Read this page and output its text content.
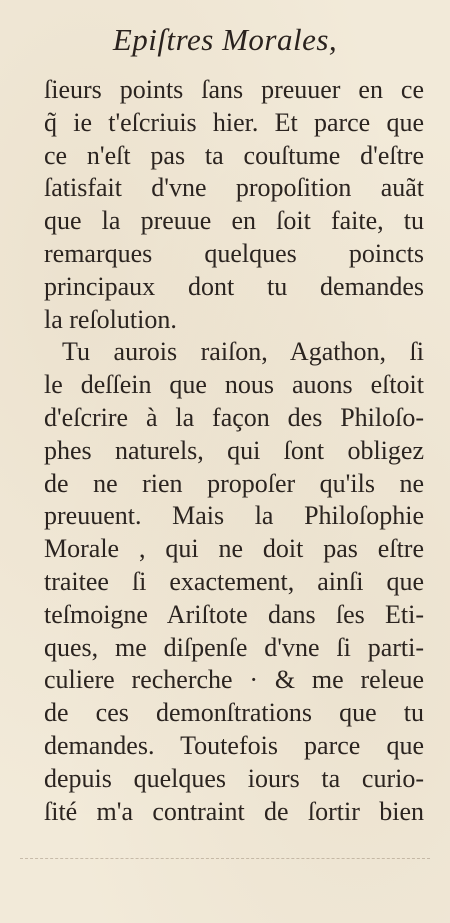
Epiſtres Morales,
ſieurs points ſans preuuer en ce
q̃ ie t'eſcriuis hier. Et parce que
ce n'eſt pas ta couſtume d'eſtre
ſatisfait d'vne propoſition auãt
que la preuue en ſoit faite, tu
remarques quelques poincts
principaux dont tu demandes
la reſolution.
Tu aurois raiſon, Agathon, ſi
le deſſein que nous auons eſtoit
d'eſcrire à la façon des Philoſo-
phes naturels, qui ſont obligez
de ne rien propoſer qu'ils ne
preuuent. Mais la Philoſophie
Morale , qui ne doit pas eſtre
traitee ſi exactement, ainſi que
teſmoigne Ariſtote dans ſes Eti-
ques, me diſpenſe d'vne ſi parti-
culiere recherche · & me releue
de ces demonſtrations que tu
demandes. Toutefois parce que
depuis quelques iours ta curio-
ſité m'a contraint de ſortir bien
